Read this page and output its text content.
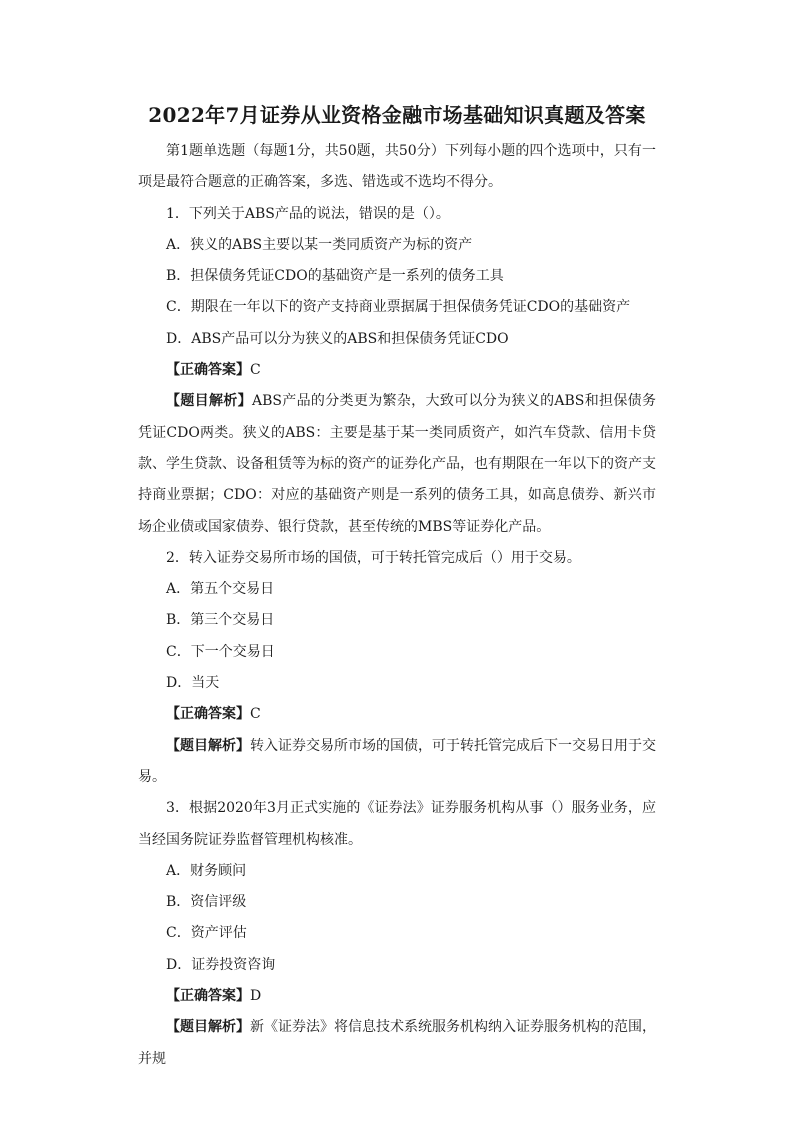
2022年7月证券从业资格金融市场基础知识真题及答案

第1题单选题（每题1分，共50题，共50分）下列每小题的四个选项中，只有一项是最符合题意的正确答案，多选、错选或不选均不得分。

1．下列关于ABS产品的说法，错误的是（）。

A．狭义的ABS主要以某一类同质资产为标的资产

B．担保债务凭证CDO的基础资产是一系列的债务工具

C．期限在一年以下的资产支持商业票据属于担保债务凭证CDO的基础资产

D．ABS产品可以分为狭义的ABS和担保债务凭证CDO

【正确答案】C

【题目解析】ABS产品的分类更为繁杂，大致可以分为狭义的ABS和担保债务凭证CDO两类。狭义的ABS：主要是基于某一类同质资产，如汽车贷款、信用卡贷款、学生贷款、设备租赁等为标的资产的证券化产品，也有期限在一年以下的资产支持商业票据；CDO：对应的基础资产则是一系列的债务工具，如高息债券、新兴市场企业债或国家债券、银行贷款，甚至传统的MBS等证券化产品。

2．转入证券交易所市场的国债，可于转托管完成后（）用于交易。

A．第五个交易日

B．第三个交易日

C．下一个交易日

D．当天

【正确答案】C

【题目解析】转入证券交易所市场的国债，可于转托管完成后下一交易日用于交易。

3．根据2020年3月正式实施的《证券法》证券服务机构从事（）服务业务，应当经国务院证券监督管理机构核准。

A．财务顾问

B．资信评级

C．资产评估

D．证券投资咨询

【正确答案】D

【题目解析】新《证券法》将信息技术系统服务机构纳入证券服务机构的范围，并规
